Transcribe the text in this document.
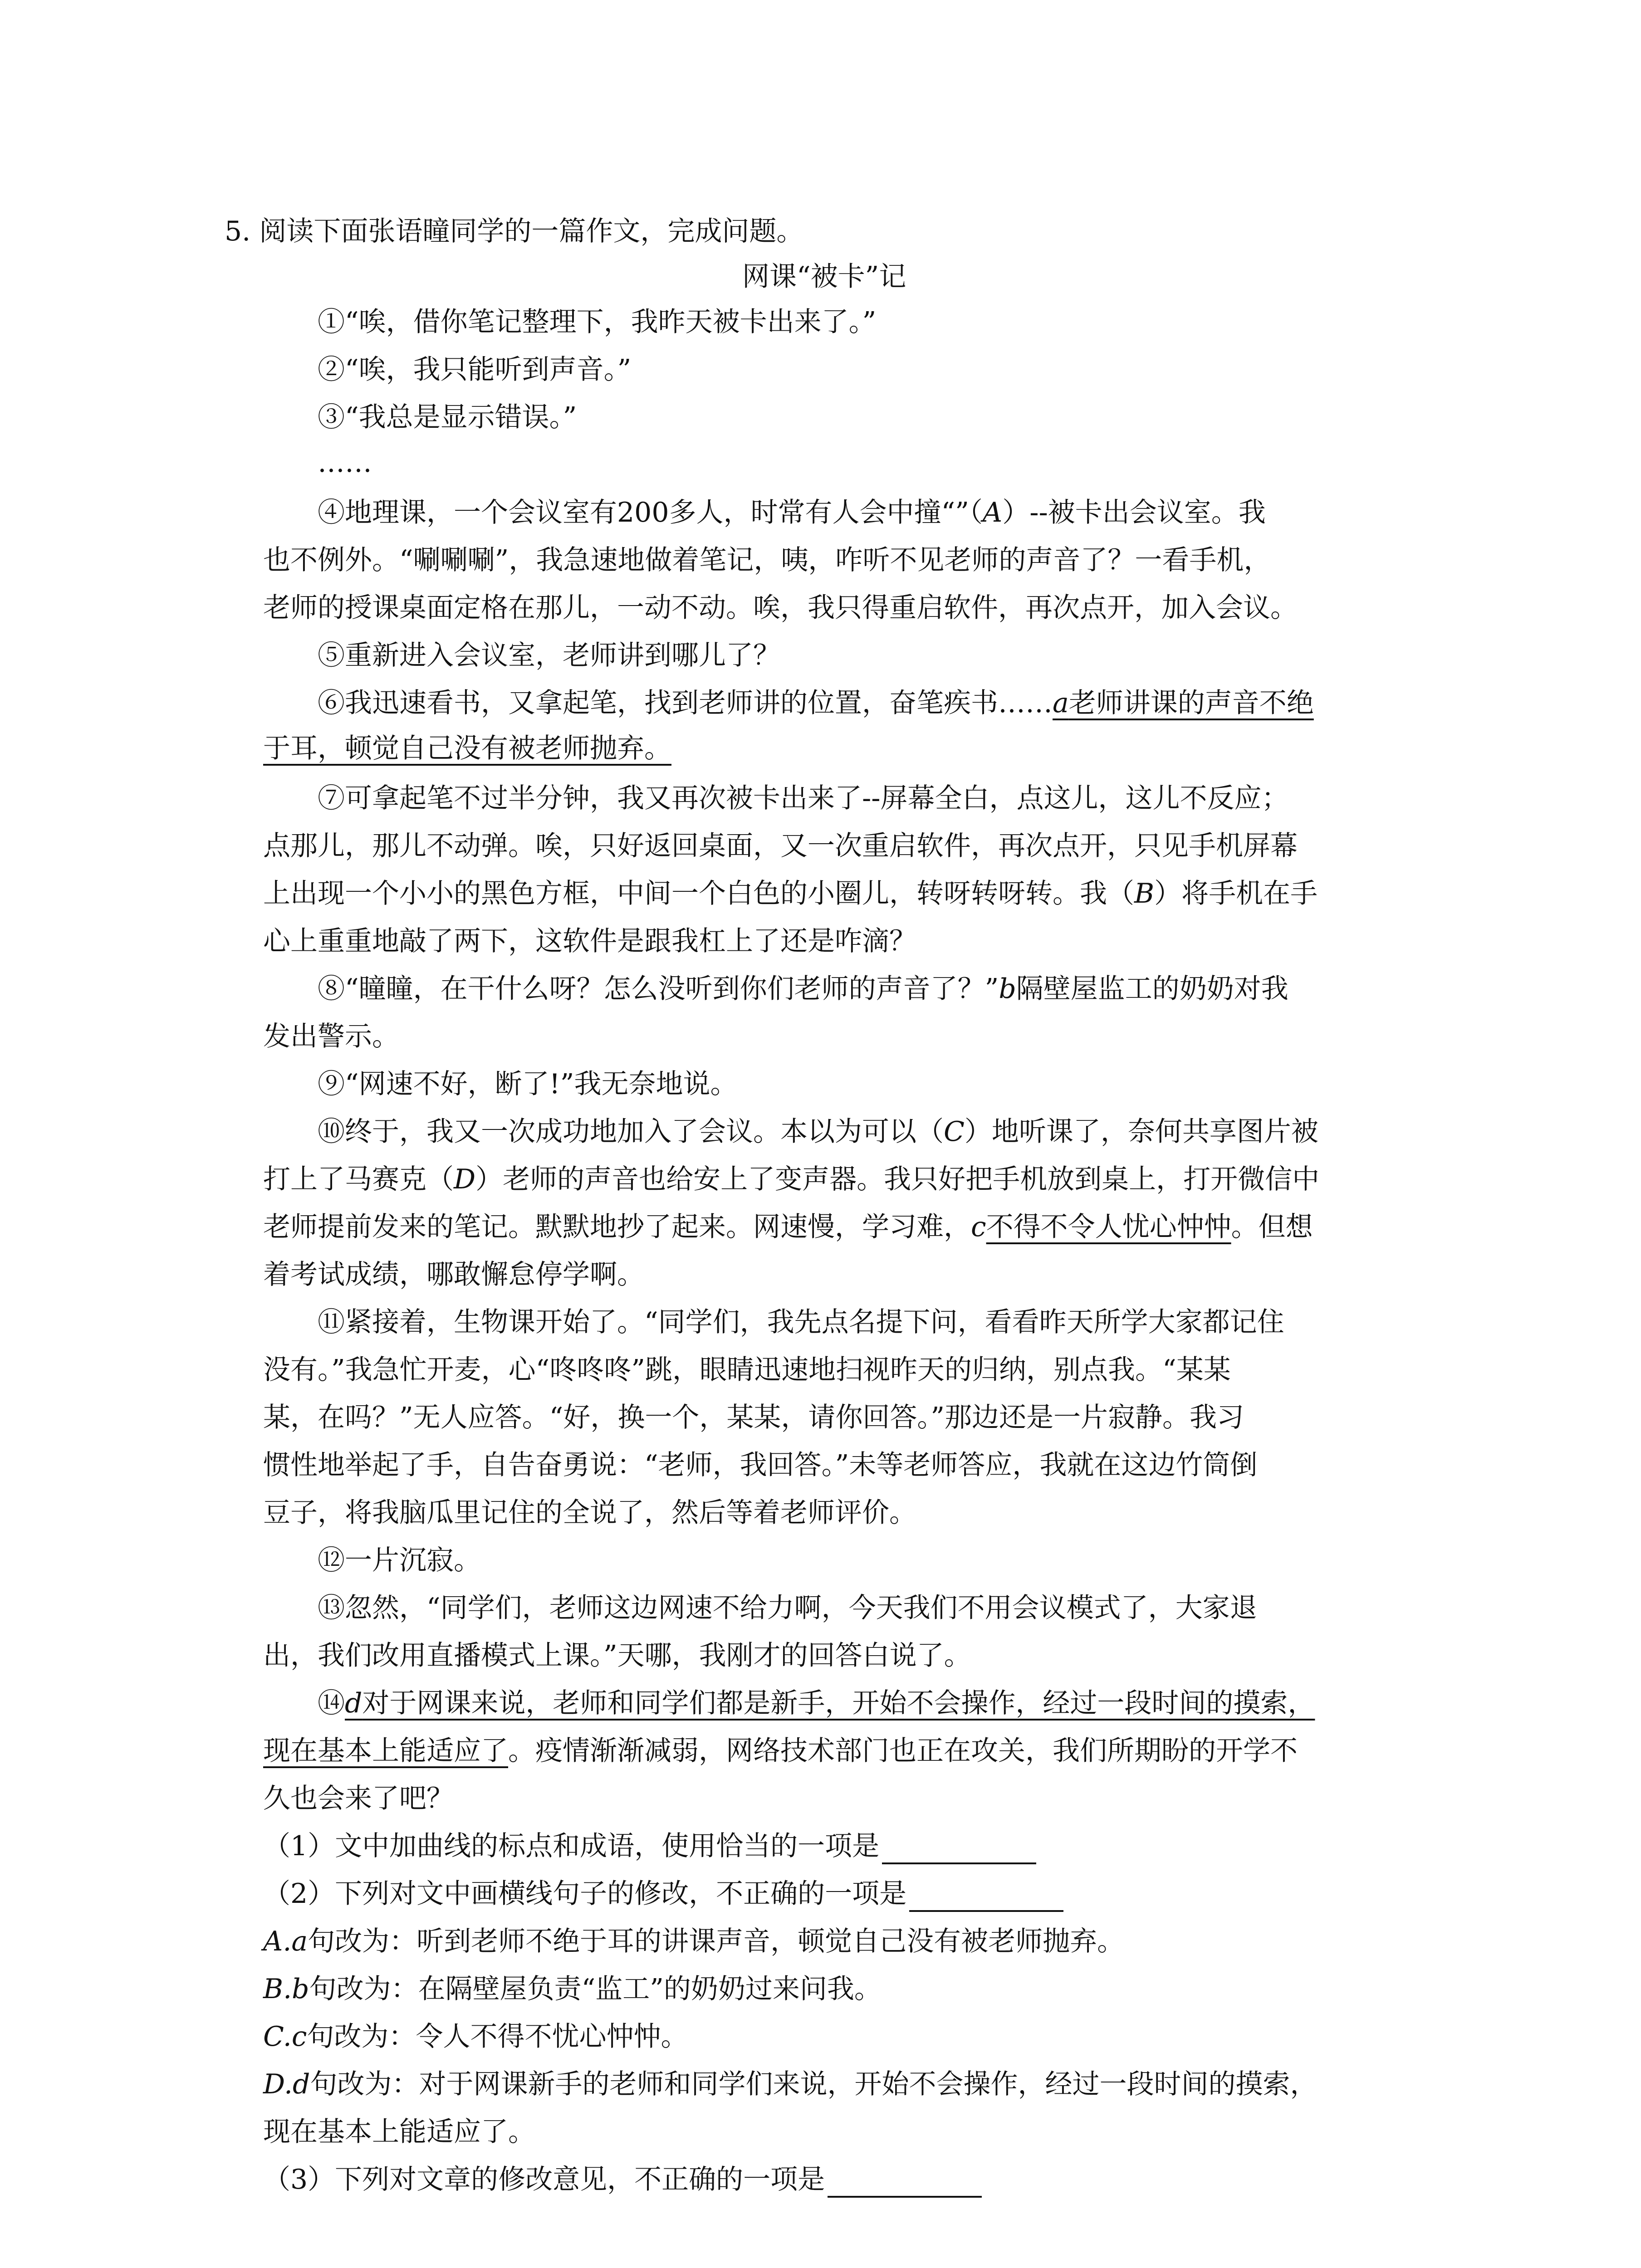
5. 阅读下面张语瞳同学的一篇作文，完成问题。
网课“被卡”记
①“唉，借你笔记整理下，我昨天被卡出来了。”
②“唉，我只能听到声音。”
③“我总是显示错误。”
……
④地理课，一个会议室有200多人，时常有人会中撞“”（A）--被卡出会议室。我
也不例外。“唰唰唰”，我急速地做着笔记，咦，咋听不见老师的声音了？一看手机，
老师的授课桌面定格在那儿，一动不动。唉，我只得重启软件，再次点开，加入会议。
⑤重新进入会议室，老师讲到哪儿了？
⑥我迅速看书，又拿起笔，找到老师讲的位置，奋笔疾书……a老师讲课的声音不绝
于耳，顿觉自己没有被老师抛弃。
⑦可拿起笔不过半分钟，我又再次被卡出来了--屏幕全白，点这儿，这儿不反应；
点那儿，那儿不动弹。唉，只好返回桌面，又一次重启软件，再次点开，只见手机屏幕
上出现一个小小的黑色方框，中间一个白色的小圈儿，转呀转呀转。我（B）将手机在手
心上重重地敲了两下，这软件是跟我杠上了还是咋滴？
⑧“瞳瞳，在干什么呀？怎么没听到你们老师的声音了？”b隔壁屋监工的奶奶对我
发出警示。
⑨“网速不好，断了!”我无奈地说。
⑩终于，我又一次成功地加入了会议。本以为可以（C）地听课了，奈何共享图片被
打上了马赛克（D）老师的声音也给安上了变声器。我只好把手机放到桌上，打开微信中
老师提前发来的笔记。默默地抄了起来。网速慢，学习难，c不得不令人忧心忡忡。但想
着考试成绩，哪敢懈怠停学啊。
⑪紧接着，生物课开始了。“同学们，我先点名提下问，看看昨天所学大家都记住
没有。”我急忙开麦，心“咚咚咚”跳，眼睛迅速地扫视昨天的归纳，别点我。“某某
某，在吗？”无人应答。“好，换一个，某某，请你回答。”那边还是一片寂静。我习
惯性地举起了手，自告奋勇说：“老师，我回答。”未等老师答应，我就在这边竹筒倒
豆子，将我脑瓜里记住的全说了，然后等着老师评价。
⑫一片沉寂。
⑬忽然，“同学们，老师这边网速不给力啊，今天我们不用会议模式了，大家退
出，我们改用直播模式上课。”天哪，我刚才的回答白说了。
⑭d对于网课来说，老师和同学们都是新手，开始不会操作，经过一段时间的摸索，
现在基本上能适应了。疫情渐渐减弱，网络技术部门也正在攻关，我们所期盼的开学不
久也会来了吧？
（1）文中加曲线的标点和成语，使用恰当的一项是
（2）下列对文中画横线句子的修改，不正确的一项是
A.a句改为：听到老师不绝于耳的讲课声音，顿觉自己没有被老师抛弃。
B.b句改为：在隔壁屋负责“监工”的奶奶过来问我。
C.c句改为：令人不得不忧心忡忡。
D.d句改为：对于网课新手的老师和同学们来说，开始不会操作，经过一段时间的摸索，
现在基本上能适应了。
（3）下列对文章的修改意见，不正确的一项是
